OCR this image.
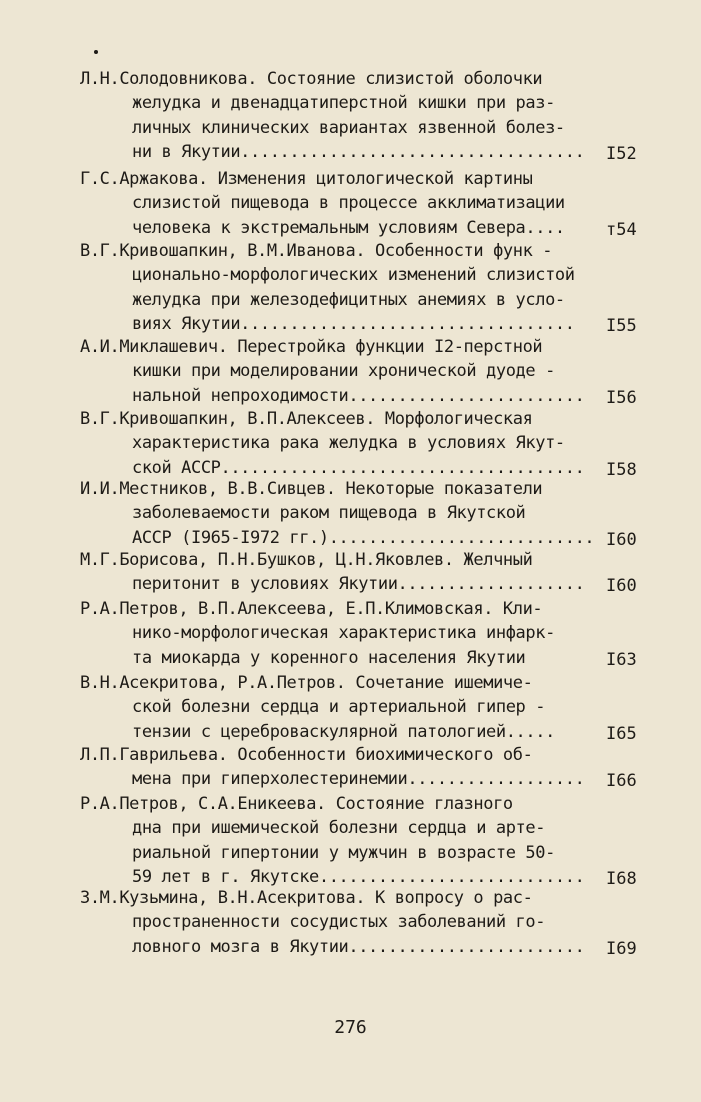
Л.Н.Солодовникова. Состояние слизистой оболочки
желудка и двенадцатиперстной кишки при раз-
личных клинических вариантах язвенной болез-
ни в Якутии................................... I52
Г.С.Аржакова. Изменения цитологической картины
слизистой пищевода в процессе акклиматизации
человека к экстремальным условиям Севера.... т54
В.Г.Кривошапкин, В.М.Иванова. Особенности функ -
ционально-морфологических изменений слизистой
желудка при железодефицитных анемиях в усло-
виях Якутии.................................. I55
А.И.Миклашевич. Перестройка функции I2-перстной
кишки при моделировании хронической дуоде -
нальной непроходимости........................ I56
В.Г.Кривошапкин, В.П.Алексеев. Морфологическая
характеристика рака желудка в условиях Якут-
ской АССР..................................... I58
И.И.Местников, В.В.Сивцев. Некоторые показатели
заболеваемости раком пищевода в Якутской
АССР (I965-I972 гг.)........................... I60
М.Г.Борисова, П.Н.Бушков, Ц.Н.Яковлев. Желчный
перитонит в условиях Якутии................... I60
Р.А.Петров, В.П.Алексеева, Е.П.Климовская. Кли-
нико-морфологическая характеристика инфарк-
та миокарда у коренного населения Якутии	I63
В.Н.Асекритова, Р.А.Петров. Сочетание ишемиче-
ской болезни сердца и артериальной гипер -
тензии с цереброваскулярной патологией.....	I65
Л.П.Гаврильева. Особенности биохимического об-
мена при гиперхолестеринемии.................. I66
Р.А.Петров, С.А.Еникеева. Состояние глазного
дна при ишемической болезни сердца и арте-
риальной гипертонии у мужчин в возрасте 50-
59 лет в г. Якутске........................... I68
З.М.Кузьмина, В.Н.Асекритова. К вопросу о рас-
пространенности сосудистых заболеваний го-
ловного мозга в Якутии........................ I69
276
